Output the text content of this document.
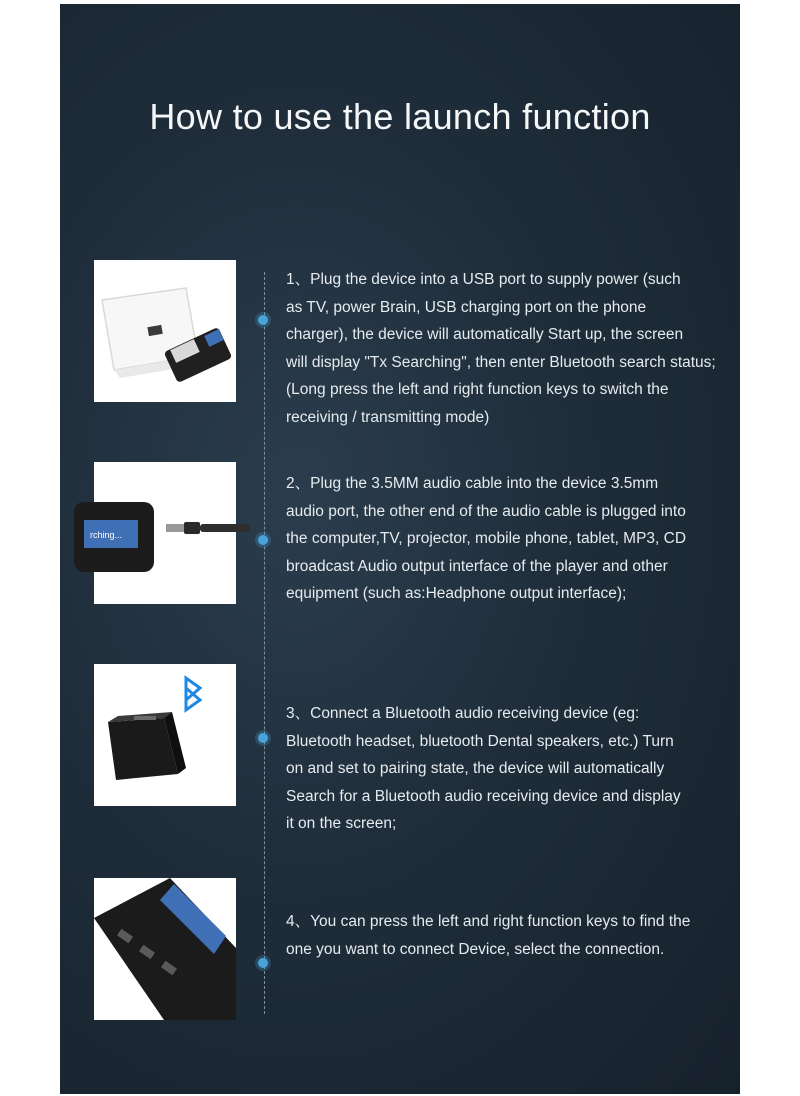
How to use the launch function
1、Plug the device into a USB port to supply power (such
as TV, power Brain, USB charging port on the phone
charger), the device will automatically Start up, the screen
will display "Tx Searching", then enter Bluetooth search status;
(Long press the left and right function keys to switch the
receiving / transmitting mode)
rching...
2、Plug the 3.5MM audio cable into the device 3.5mm
audio port, the other end of the audio cable is plugged into
the computer,TV, projector, mobile phone, tablet, MP3, CD
broadcast Audio output interface of the player and other
equipment (such as:Headphone output interface);
3、Connect a Bluetooth audio receiving device (eg:
Bluetooth headset, bluetooth Dental speakers, etc.) Turn
on and set to pairing state, the device will automatically
Search for a Bluetooth audio receiving device and display
it on the screen;
4、You can press the left and right function keys to find the
one you want to connect Device, select the connection.
